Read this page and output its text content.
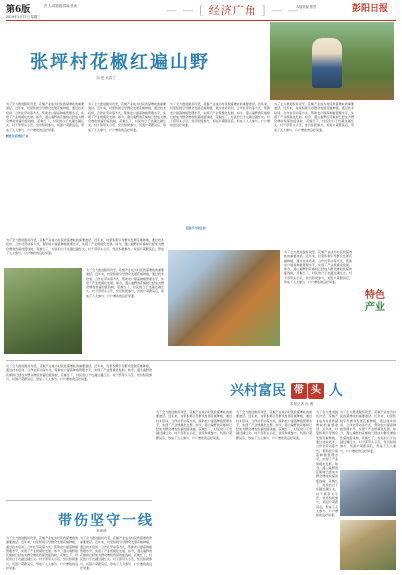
第6版	责 人:陈建超 排编 张雨
2019年1月17日 星期三	— — [ 经济广角 ] — —
本版责编 焦然	彭阳日报
张坪村花椒红遍山野
刘 建 吴春宁
为了全力推进脱贫攻坚，花椒产业成为村民致富增收的重要途径。近年来，村里积极引导群众发展花椒种植，通过技术培训、合作社带动等方式，帮助农户提高种植管理水平，实现了产业规模化发展。如今，漫山遍野的花椒树已经成为群众增收致富的摇钱树，花椒红了，村民的日子也越过越红火。村干部带头示范，党员积极参与，贫困户紧跟其后，形成了人人参与、户户增收的良好局面。
精准扶贫增收产业
为了全力推进脱贫攻坚，花椒产业成为村民致富增收的重要途径。近年来，村里积极引导群众发展花椒种植，通过技术培训、合作社带动等方式，帮助农户提高种植管理水平，实现了产业规模化发展。如今，漫山遍野的花椒树已经成为群众增收致富的摇钱树，花椒红了，村民的日子也越过越红火。村干部带头示范，党员积极参与，贫困户紧跟其后，形成了人人参与、户户增收的良好局面。
为了全力推进脱贫攻坚，花椒产业成为村民致富增收的重要途径。近年来，村里积极引导群众发展花椒种植，通过技术培训、合作社带动等方式，帮助农户提高种植管理水平，实现了产业规模化发展。如今，漫山遍野的花椒树已经成为群众增收致富的摇钱树，花椒红了，村民的日子也越过越红火。村干部带头示范，党员积极参与，贫困户紧跟其后，形成了人人参与、户户增收的良好局面。
搭建平台助发展
为了全力推进脱贫攻坚，花椒产业成为村民致富增收的重要途径。近年来，村里积极引导群众发展花椒种植，通过技术培训、合作社带动等方式，帮助农户提高种植管理水平，实现了产业规模化发展。如今，漫山遍野的花椒树已经成为群众增收致富的摇钱树，花椒红了，村民的日子也越过越红火。村干部带头示范，党员积极参与，贫困户紧跟其后，形成了人人参与、户户增收的良好局面。
为了全力推进脱贫攻坚，花椒产业成为村民致富增收的重要途径。近年来，村里积极引导群众发展花椒种植，通过技术培训、合作社带动等方式，帮助农户提高种植管理水平，实现了产业规模化发展。如今，漫山遍野的花椒树已经成为群众增收致富的摇钱树，花椒红了，村民的日子也越过越红火。村干部带头示范，党员积极参与，贫困户紧跟其后，形成了人人参与、户户增收的良好局面。
为了全力推进脱贫攻坚，花椒产业成为村民致富增收的重要途径。近年来，村里积极引导群众发展花椒种植，通过技术培训、合作社带动等方式，帮助农户提高种植管理水平，实现了产业规模化发展。如今，漫山遍野的花椒树已经成为群众增收致富的摇钱树，花椒红了，村民的日子也越过越红火。村干部带头示范，党员积极参与，贫困户紧跟其后，形成了人人参与、户户增收的良好局面。
为了全力推进脱贫攻坚，花椒产业成为村民致富增收的重要途径。近年来，村里积极引导群众发展花椒种植，通过技术培训、合作社带动等方式，帮助农户提高种植管理水平，实现了产业规模化发展。如今，漫山遍野的花椒树已经成为群众增收致富的摇钱树，花椒红了，村民的日子也越过越红火。村干部带头示范，党员积极参与，贫困户紧跟其后，形成了人人参与、户户增收的良好局面。
特色
产业
兴村富民 带 头 人
本报记者 孙 俊
为了全力推进脱贫攻坚，花椒产业成为村民致富增收的重要途径。近年来，村里积极引导群众发展花椒种植，通过技术培训、合作社带动等方式，帮助农户提高种植管理水平，实现了产业规模化发展。如今，漫山遍野的花椒树已经成为群众增收致富的摇钱树，花椒红了，村民的日子也越过越红火。村干部带头示范，党员积极参与，贫困户紧跟其后，形成了人人参与、户户增收的良好局面。
为了全力推进脱贫攻坚，花椒产业成为村民致富增收的重要途径。近年来，村里积极引导群众发展花椒种植，通过技术培训、合作社带动等方式，帮助农户提高种植管理水平，实现了产业规模化发展。如今，漫山遍野的花椒树已经成为群众增收致富的摇钱树，花椒红了，村民的日子也越过越红火。村干部带头示范，党员积极参与，贫困户紧跟其后，形成了人人参与、户户增收的良好局面。
为了全力推进脱贫攻坚，花椒产业成为村民致富增收的重要途径。近年来，村里积极引导群众发展花椒种植，通过技术培训、合作社带动等方式，帮助农户提高种植管理水平，实现了产业规模化发展。如今，漫山遍野的花椒树已经成为群众增收致富的摇钱树，花椒红了，村民的日子也越过越红火。村干部带头示范，党员积极参与，贫困户紧跟其后，形成了人人参与、户户增收的良好局面。
为了全力推进脱贫攻坚，花椒产业成为村民致富增收的重要途径。近年来，村里积极引导群众发展花椒种植，通过技术培训、合作社带动等方式，帮助农户提高种植管理水平，实现了产业规模化发展。如今，漫山遍野的花椒树已经成为群众增收致富的摇钱树，花椒红了，村民的日子也越过越红火。村干部带头示范，党员积极参与，贫困户紧跟其后，形成了人人参与、户户增收的良好局面。
为了全力推进脱贫攻坚，花椒产业成为村民致富增收的重要途径。近年来，村里积极引导群众发展花椒种植，通过技术培训、合作社带动等方式，帮助农户提高种植管理水平，实现了产业规模化发展。如今，漫山遍野的花椒树已经成为群众增收致富的摇钱树，花椒红了，村民的日子也越过越红火。村干部带头示范，党员积极参与，贫困户紧跟其后，形成了人人参与、户户增收的良好局面。
带伤坚守一线
李珍珍
为了全力推进脱贫攻坚，花椒产业成为村民致富增收的重要途径。近年来，村里积极引导群众发展花椒种植，通过技术培训、合作社带动等方式，帮助农户提高种植管理水平，实现了产业规模化发展。如今，漫山遍野的花椒树已经成为群众增收致富的摇钱树，花椒红了，村民的日子也越过越红火。村干部带头示范，党员积极参与，贫困户紧跟其后，形成了人人参与、户户增收的良好局面。
为了全力推进脱贫攻坚，花椒产业成为村民致富增收的重要途径。近年来，村里积极引导群众发展花椒种植，通过技术培训、合作社带动等方式，帮助农户提高种植管理水平，实现了产业规模化发展。如今，漫山遍野的花椒树已经成为群众增收致富的摇钱树，花椒红了，村民的日子也越过越红火。村干部带头示范，党员积极参与，贫困户紧跟其后，形成了人人参与、户户增收的良好局面。
